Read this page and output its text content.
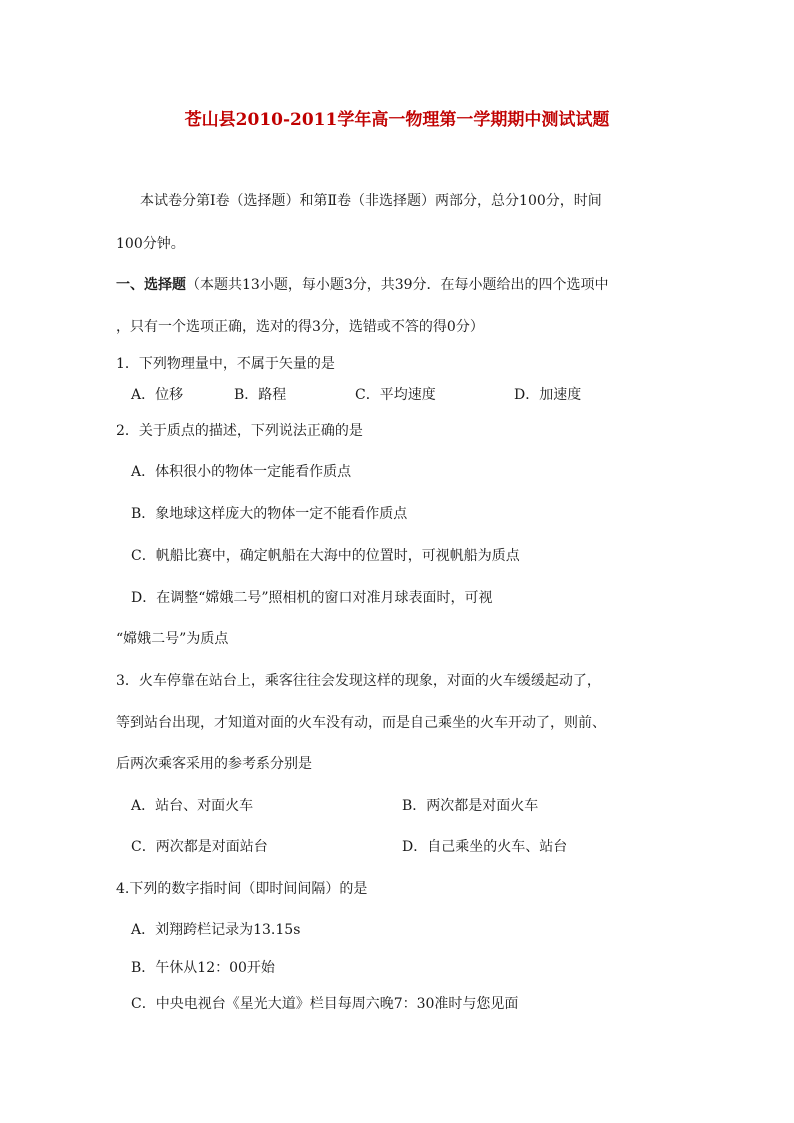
苍山县2010-2011学年高一物理第一学期期中测试试题
本试卷分第Ⅰ卷（选择题）和第Ⅱ卷（非选择题）两部分，总分100分，时间
100分钟。
一、选择题（本题共13小题，每小题3分，共39分．在每小题给出的四个选项中
，只有一个选项正确，选对的得3分，选错或不答的得0分）
1．下列物理量中，不属于矢量的是
A．位移	B．路程	C．平均速度	D．加速度
2．关于质点的描述，下列说法正确的是
A．体积很小的物体一定能看作质点
B．象地球这样庞大的物体一定不能看作质点
C．帆船比赛中，确定帆船在大海中的位置时，可视帆船为质点
D．在调整“嫦娥二号”照相机的窗口对准月球表面时，可视
“嫦娥二号”为质点
3．火车停靠在站台上，乘客往往会发现这样的现象，对面的火车缓缓起动了，
等到站台出现，才知道对面的火车没有动，而是自己乘坐的火车开动了，则前、
后两次乘客采用的参考系分别是
A．站台、对面火车	B．两次都是对面火车
C．两次都是对面站台	D．自己乘坐的火车、站台
4.下列的数字指时间（即时间间隔）的是
A．刘翔跨栏记录为13.15s
B．午休从12：00开始
C．中央电视台《星光大道》栏目每周六晚7：30准时与您见面
